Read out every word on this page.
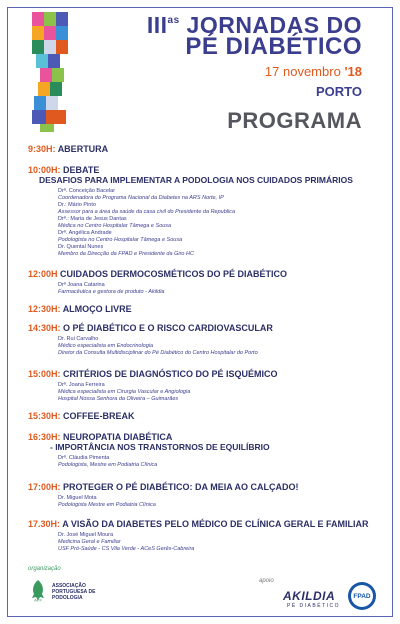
$III^{as}$ JORNADAS DO
PÉ DIABÉTICO
17 novembro '18
PORTO
PROGRAMA
9:30H: ABERTURA
10:00H: DEBATE
DESAFIOS PARA IMPLEMENTAR A PODOLOGIA NOS CUIDADOS PRIMÁRIOS
Drª. Conceição Bacelar
Coordenadora do Programa Nacional da Diabetes na ARS Norte, IP
Dr.: Mário Pinto
Assessor para a área da saúde da casa civil do Presidente da Republica
Drª.: Maria de Jesus Dantas
Médica no Centro Hospitalar Tâmega e Sousa
Drª. Angélica Andrade
Podologista no Centro Hospitalar Tâmega e Sousa
Dr. Quental Nunes
Membro da Direcção da FPAD e Presidente da Giro HC
12:00H CUIDADOS DERMOCOSMÉTICOS DO PÉ DIABÉTICO
Drª Joana Catarina
Farmacêutica e gestora de produto - Akildia
12:30H: ALMOÇO LIVRE
14:30H: O PÉ DIABÉTICO E O RISCO CARDIOVASCULAR
Dr. Rui Carvalho
Médico especialista em Endocrinologia
Diretor da Consulta Multidisciplinar do Pé Diabético do Centro Hospitalar do Porto
15:00H: CRITÉRIOS DE DIAGNÓSTICO DO PÉ ISQUÉMICO
Drª. Joana Ferreira
Médica especialista em Cirurgia Vascular e Angiologia
Hospital Nossa Senhora da Oliveira – Guimarães
15:30H: COFFEE-BREAK
16:30H: NEUROPATIA DIABÉTICA
- IMPORTÂNCIA NOS TRANSTORNOS DE EQUILÍBRIO
Drª. Cláudia Pimenta
Podologista, Mestre em Podiatria Clínica
17:00H: PROTEGER O PÉ DIABÉTICO: DA MEIA AO CALÇADO!
Dr. Miguel Mota
Podologista Mestre em Podiatria Clínica
17.30H: A VISÃO DA DIABETES PELO MÉDICO DE CLÍNICA GERAL E FAMILIAR
Dr. José Miguel Moura
Medicina Geral e Familiar
USF Pró-Saúde - CS Vila Verde - ACeS Gerês-Cabreira
organização
APF
ASSOCIAÇÃO
PORTUGUESA DE
PODOLOGIA
apoio
AKILDIA
PÉ DIABÉTICO
FPAD
